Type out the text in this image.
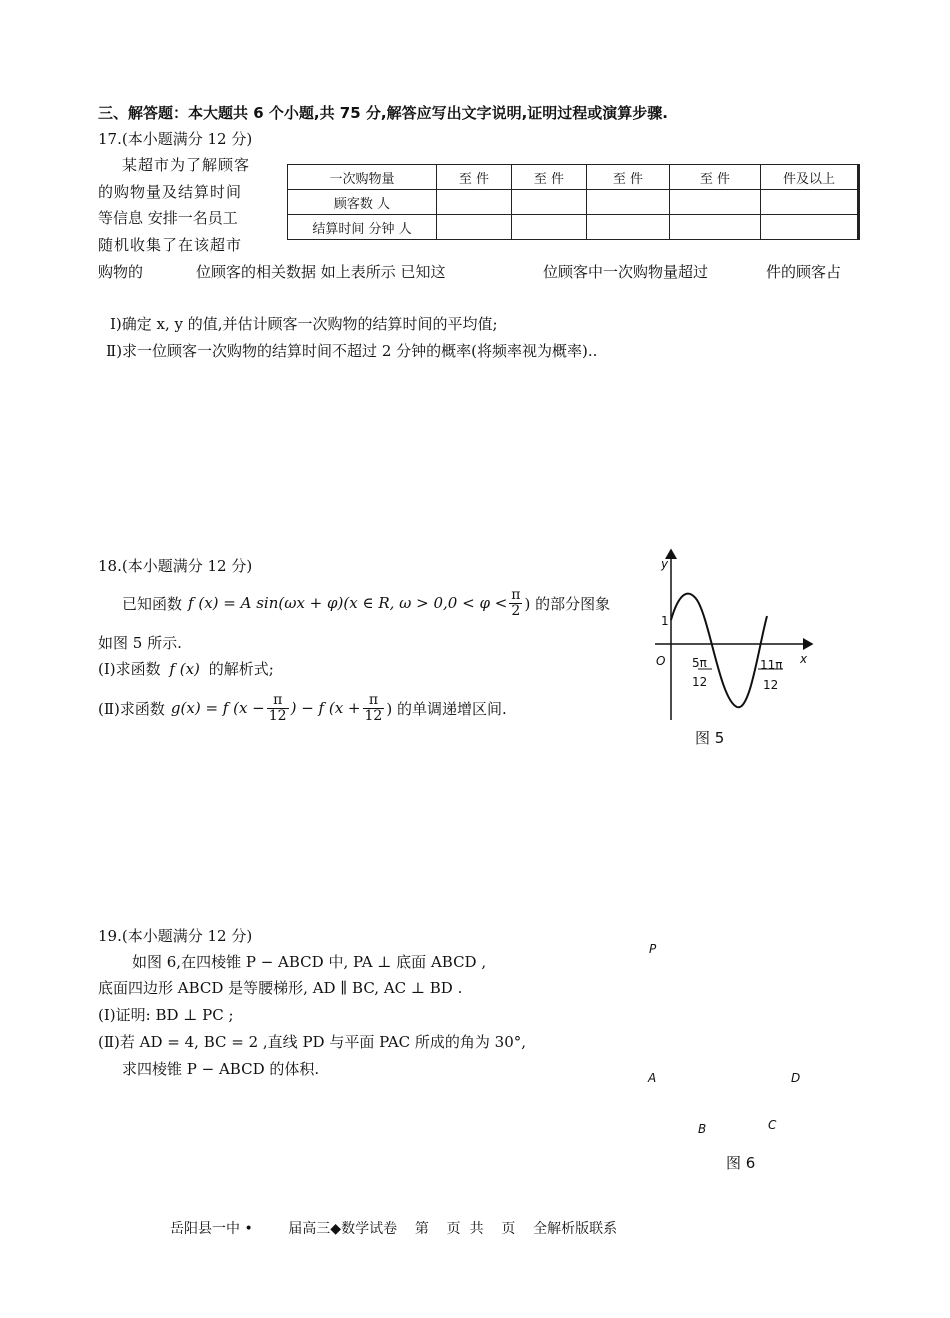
三、解答题：本大题共 6 个小题,共 75 分,解答应写出文字说明,证明过程或演算步骤.
17.(本小题满分 12 分)
某超市为了解顾客
的购物量及结算时间
等信息 安排一名员工
随机收集了在该超市
购物的	位顾客的相关数据 如上表所示 已知这	位顾客中一次购物量超过	件的顾客占
一次购物量	至 件	至 件	至 件	至 件	件及以上
顾客数 人					
结算时间 分钟 人					
Ⅰ)确定 x, y 的值,并估计顾客一次购物的结算时间的平均值;
Ⅱ)求一位顾客一次购物的结算时间不超过 2 分钟的概率(将频率视为概率)..
18.(本小题满分 12 分)
已知函数 f (x) = A sin(ωx + φ)(x ∈ R, $\omega > 0,0 < \varphi < \frac{\pi}{2}$ ) 的部分图象
如图 5 所示.
(Ⅰ)求函数 f (x) 的解析式;
(Ⅱ)求函数 g(x) = f ($x - \frac{\pi}{12}$ ) − f ($x + \frac{\pi}{12}$ ) 的单调递增区间.
y
x
O
1
5π
12
11π
12
图 5
19.(本小题满分 12 分)
如图 6,在四棱锥 P − ABCD 中, PA ⊥ 底面 ABCD ,
底面四边形 ABCD 是等腰梯形, AD ∥ BC, AC ⊥ BD .
(Ⅰ)证明: BD ⊥ PC ;
(Ⅱ)若 AD = 4, BC = 2 ,直线 PD 与平面 PAC 所成的角为 30°,
求四棱锥 P − ABCD 的体积.
P
A	D
B	C
图 6
岳阳县一中 •        届高三◆数学试卷    第    页  共    页    全解析版联系
